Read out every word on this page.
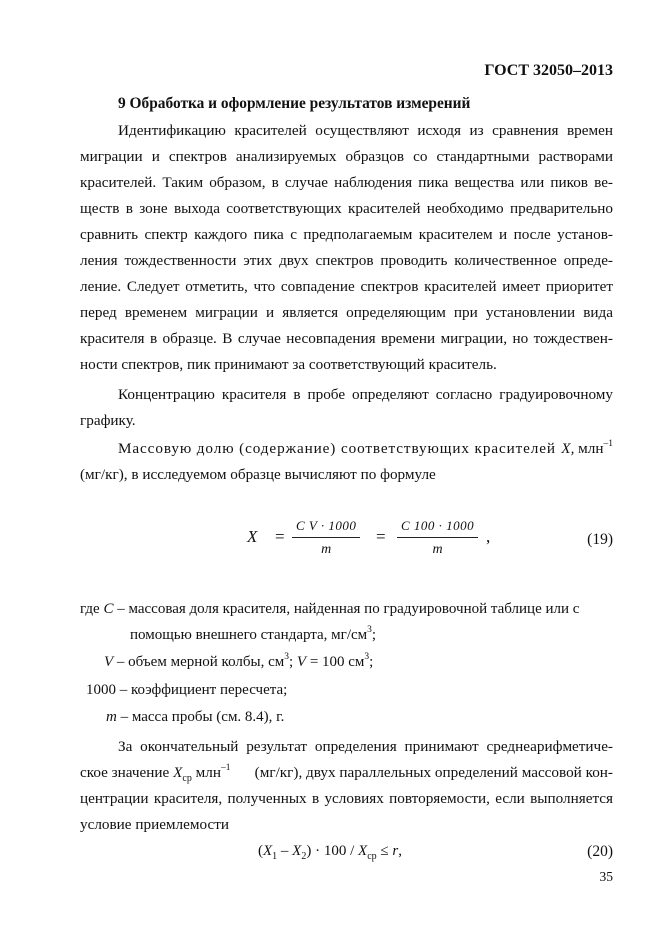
ГОСТ 32050–2013
9 Обработка и оформление результатов измерений
Идентификацию красителей осуществляют исходя из сравнения времен
миграции и спектров анализируемых образцов со стандартными растворами
красителей. Таким образом, в случае наблюдения пика вещества или пиков ве-
ществ в зоне выхода соответствующих красителей необходимо предварительно
сравнить спектр каждого пика с предполагаемым красителем и после установ-
ления тождественности этих двух спектров проводить количественное опреде-
ление. Следует отметить, что совпадение спектров красителей имеет приоритет
перед временем миграции и является определяющим при установлении вида
красителя в образце. В случае несовпадения времени миграции, но тождествен-
ности спектров, пик принимают за соответствующий краситель.
Концентрацию красителя в пробе определяют согласно градуировочному
графику.
Массовую долю (содержание) соответствующих красителей X, млн$^{-1}$
(мг/кг), в исследуемом образце вычисляют по формуле
$X = \frac{\text{C V · 1000}}{m} = \frac{C 100 \cdot 1000}{m}$ ,	(19)
где C – массовая доля красителя, найденная по градуировочной таблице или с
помощью внешнего стандарта, $мг/см^3$;
V – объем мерной колбы, $см^3$; V = 100 $см^3$;
1000 – коэффициент пересчета;
m – масса пробы (см. 8.4), г.
За окончательный результат определения принимают среднеарифметиче-
ское значение $X_{ср}$ млн$^{-1}$ (мг/кг), двух параллельных определений массовой кон-
центрации красителя, полученных в условиях повторяемости, если выполняется
условие приемлемости
$(X_1 - X_2) \cdot 100 / X_{ср} \le r$,	(20)
35
